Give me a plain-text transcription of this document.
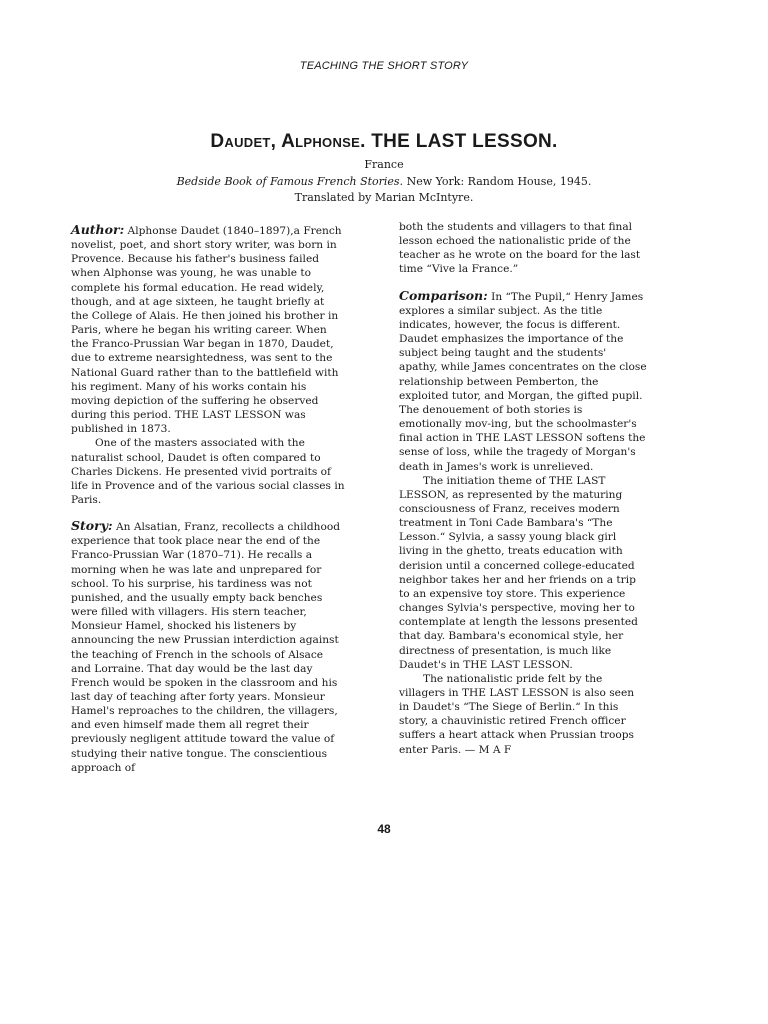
TEACHING THE SHORT STORY
Daudet, Alphonse. THE LAST LESSON.
France
Bedside Book of Famous French Stories. New York: Random House, 1945.
Translated by Marian McIntyre.

Author: Alphonse Daudet (1840–1897),a French novelist, poet, and short story writer, was born in Provence. Because his father's business failed when Alphonse was young, he was unable to complete his formal education. He read widely, though, and at age sixteen, he taught briefly at the College of Alais. He then joined his brother in Paris, where he began his writing career. When the Franco-Prussian War began in 1870, Daudet, due to extreme nearsightedness, was sent to the National Guard rather than to the battlefield with his regiment. Many of his works contain his moving depiction of the suffering he observed during this period. THE LAST LESSON was published in 1873.

One of the masters associated with the naturalist school, Daudet is often compared to Charles Dickens. He presented vivid portraits of life in Provence and of the various social classes in Paris.

Story: An Alsatian, Franz, recollects a childhood experience that took place near the end of the Franco-Prussian War (1870–71). He recalls a morning when he was late and unprepared for school. To his surprise, his tardiness was not punished, and the usually empty back benches were filled with villagers. His stern teacher, Monsieur Hamel, shocked his listeners by announcing the new Prussian interdiction against the teaching of French in the schools of Alsace and Lorraine. That day would be the last day French would be spoken in the classroom and his last day of teaching after forty years. Monsieur Hamel's reproaches to the children, the villagers, and even himself made them all regret their previously negligent attitude toward the value of studying their native tongue. The conscientious approach of

both the students and villagers to that final lesson echoed the nationalistic pride of the teacher as he wrote on the board for the last time “Vive la France.”

Comparison: In “The Pupil,“ Henry James explores a similar subject. As the title indicates, however, the focus is different. Daudet emphasizes the importance of the subject being taught and the students' apathy, while James concentrates on the close relationship between Pemberton, the exploited tutor, and Morgan, the gifted pupil. The denouement of both stories is emotionally mov-ing, but the schoolmaster's final action in THE LAST LESSON softens the sense of loss, while the tragedy of Morgan's death in James's work is unrelieved.

The initiation theme of THE LAST LESSON, as represented by the maturing consciousness of Franz, receives modern treatment in Toni Cade Bambara's “The Lesson.“ Sylvia, a sassy young black girl living in the ghetto, treats education with derision until a concerned college-educated neighbor takes her and her friends on a trip to an expensive toy store. This experience changes Sylvia's perspective, moving her to contemplate at length the lessons presented that day. Bambara's economical style, her directness of presentation, is much like Daudet's in THE LAST LESSON.

The nationalistic pride felt by the villagers in THE LAST LESSON is also seen in Daudet's “The Siege of Berlin.“ In this story, a chauvinistic retired French officer suffers a heart attack when Prussian troops enter Paris. — M A F

48
